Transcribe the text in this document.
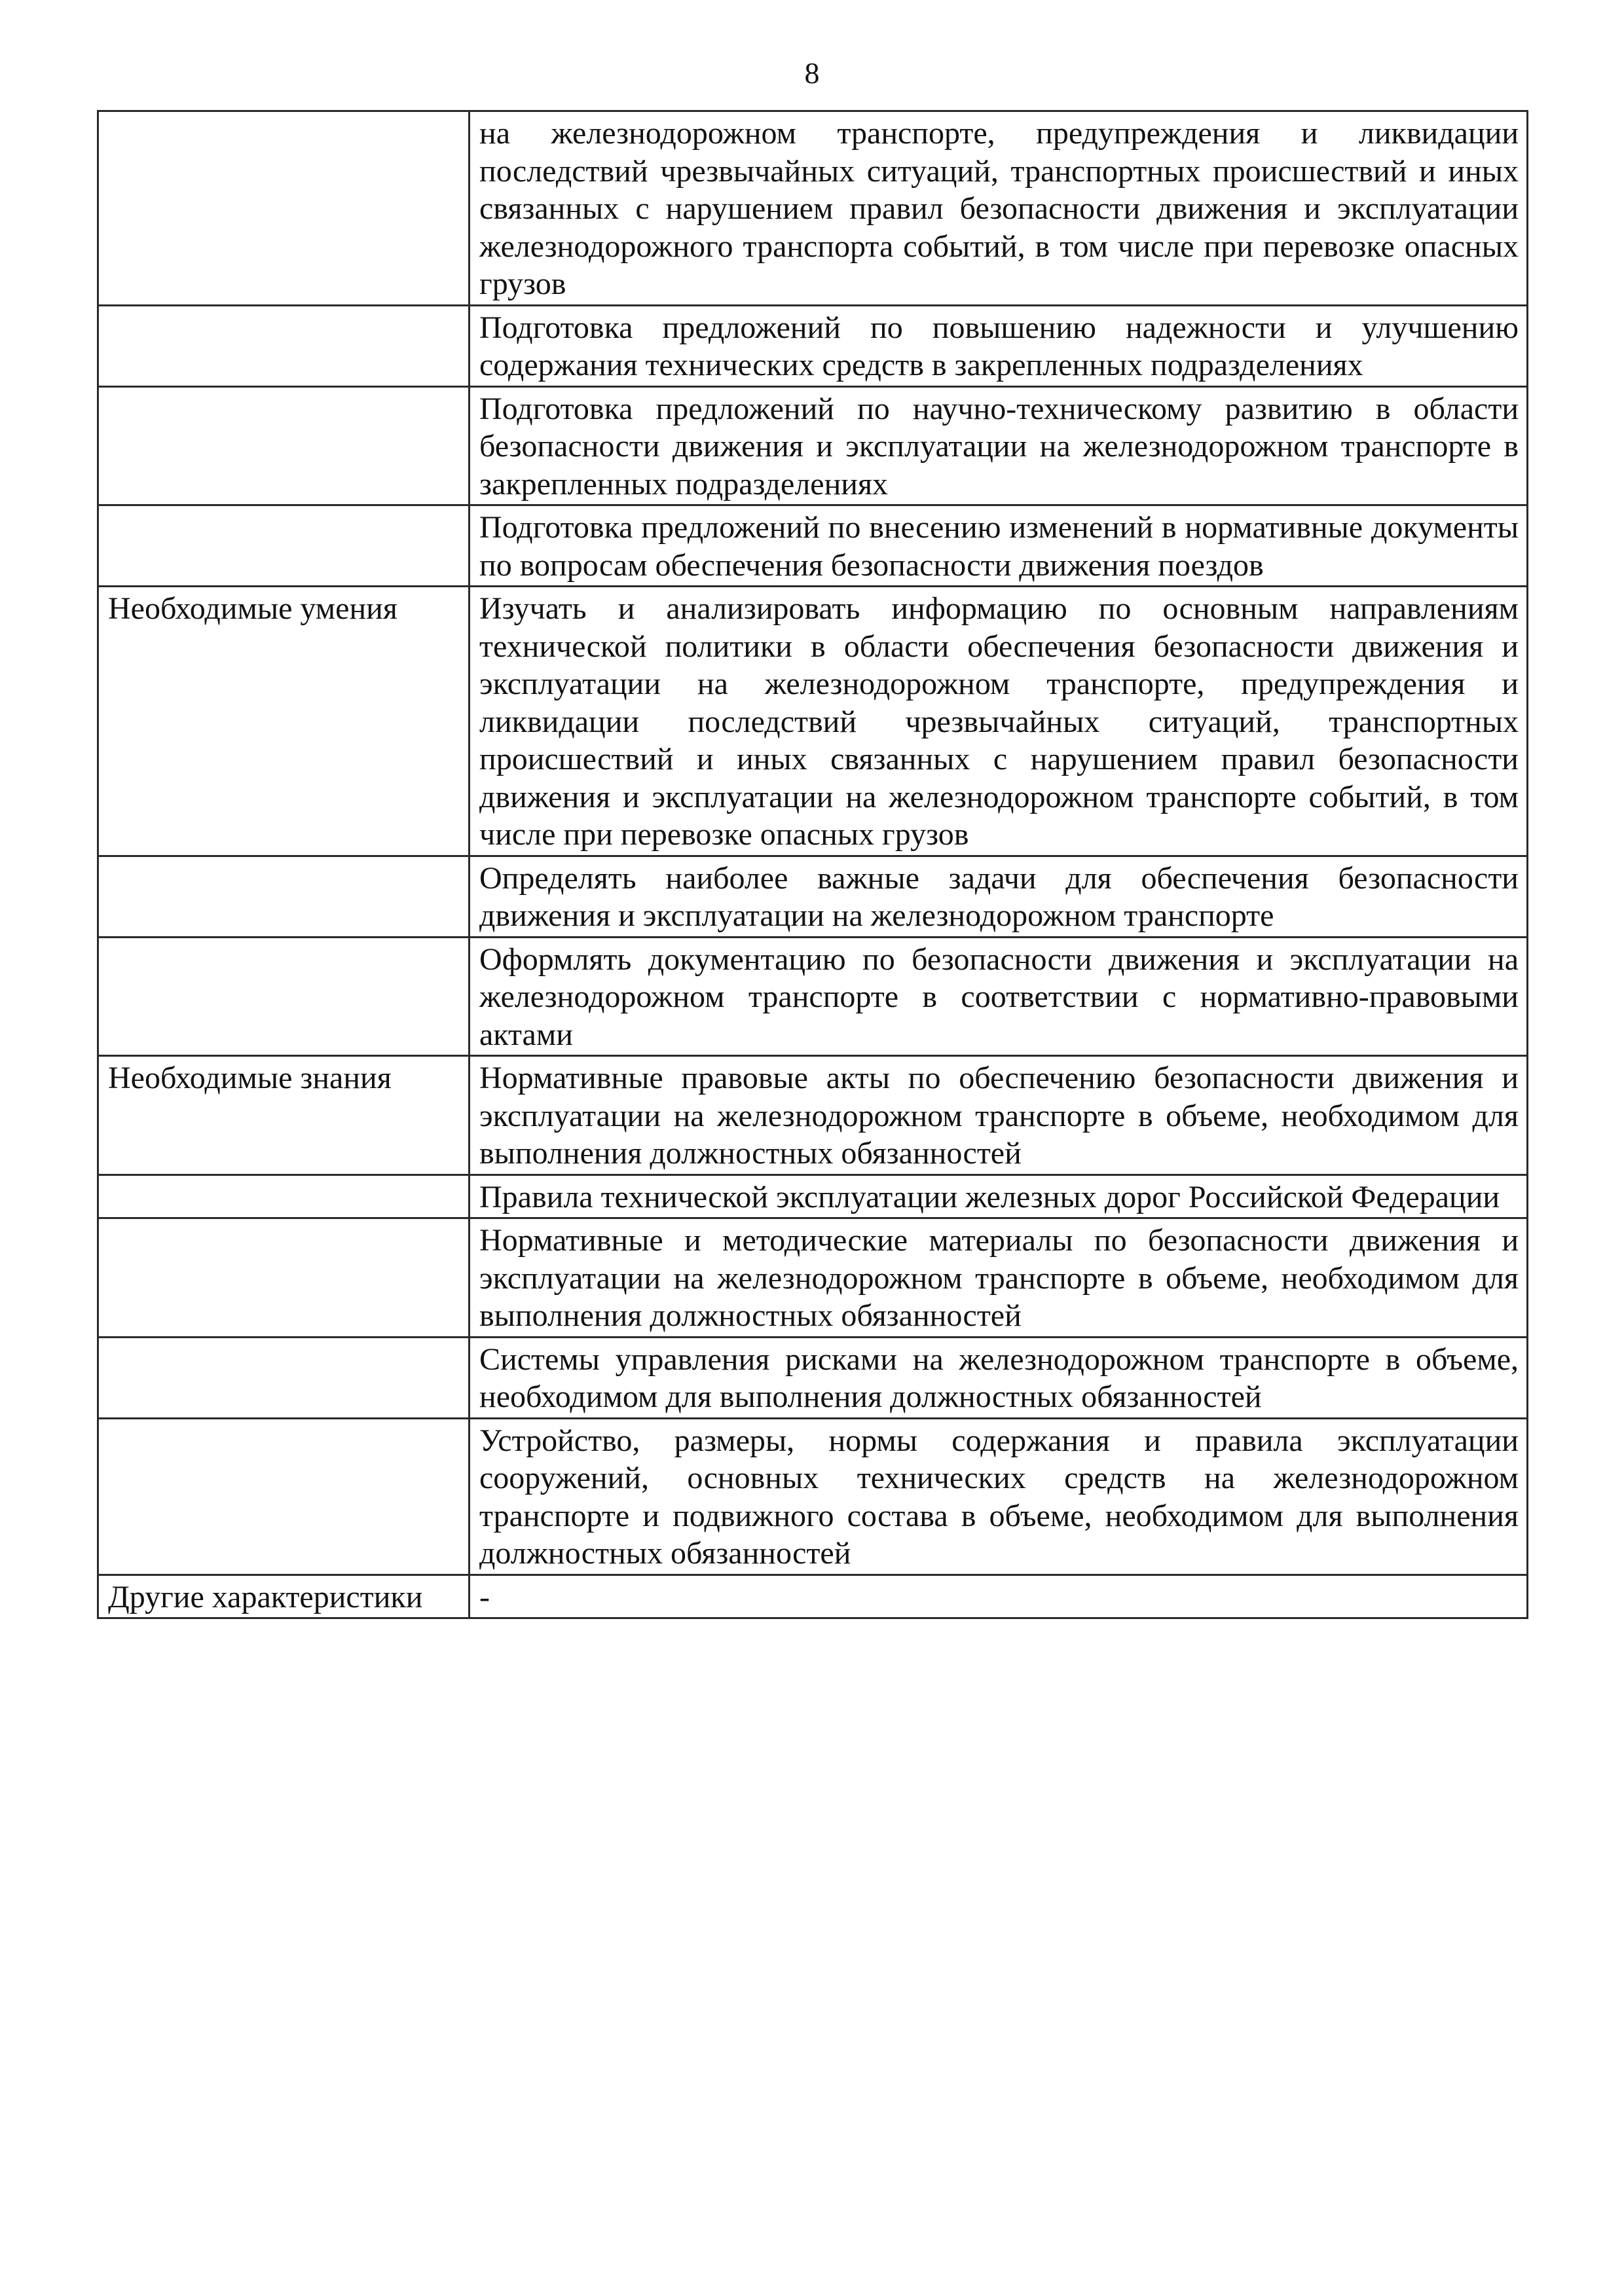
8
	на железнодорожном транспорте, предупреждения и ликвидации последствий чрезвычайных ситуаций, транспортных происшествий и иных связанных с нарушением правил безопасности движения и эксплуатации железнодорожного транспорта событий, в том числе при перевозке опасных грузов
	Подготовка предложений по повышению надежности и улучшению содержания технических средств в закрепленных подразделениях
	Подготовка предложений по научно-техническому развитию в области безопасности движения и эксплуатации на железнодорожном транспорте в закрепленных подразделениях
	Подготовка предложений по внесению изменений в нормативные документы по вопросам обеспечения безопасности движения поездов
Необходимые умения	Изучать и анализировать информацию по основным направлениям технической политики в области обеспечения безопасности движения и эксплуатации на железнодорожном транспорте, предупреждения и ликвидации последствий чрезвычайных ситуаций, транспортных происшествий и иных связанных с нарушением правил безопасности движения и эксплуатации на железнодорожном транспорте событий, в том числе при перевозке опасных грузов
	Определять наиболее важные задачи для обеспечения безопасности движения и эксплуатации на железнодорожном транспорте
	Оформлять документацию по безопасности движения и эксплуатации на железнодорожном транспорте в соответствии с нормативно-правовыми актами
Необходимые знания	Нормативные правовые акты по обеспечению безопасности движения и эксплуатации на железнодорожном транспорте в объеме, необходимом для выполнения должностных обязанностей
	Правила технической эксплуатации железных дорог Российской Федерации
	Нормативные и методические материалы по безопасности движения и эксплуатации на железнодорожном транспорте в объеме, необходимом для выполнения должностных обязанностей
	Системы управления рисками на железнодорожном транспорте в объеме, необходимом для выполнения должностных обязанностей
	Устройство, размеры, нормы содержания и правила эксплуатации сооружений, основных технических средств на железнодорожном транспорте и подвижного состава в объеме, необходимом для выполнения должностных обязанностей
Другие характеристики	-
